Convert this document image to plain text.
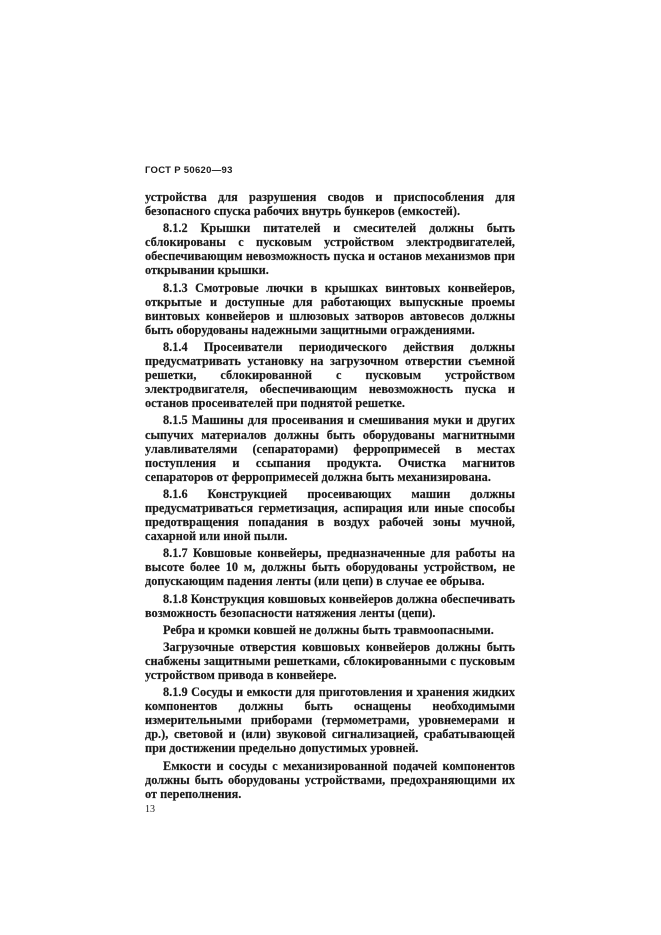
ГОСТ Р 50620—93

устройства для разрушения сводов и приспособления для безопасного спуска рабочих внутрь бункеров (емкостей).

8.1.2 Крышки питателей и смесителей должны быть сблокированы с пусковым устройством электродвигателей, обеспечивающим невозможность пуска и останов механизмов при открывании крышки.

8.1.3 Смотровые лючки в крышках винтовых конвейеров, открытые и доступные для работающих выпускные проемы винтовых конвейеров и шлюзовых затворов автовесов должны быть оборудованы надежными защитными ограждениями.

8.1.4 Просеиватели периодического действия должны предусматривать установку на загрузочном отверстии съемной решетки, сблокированной с пусковым устройством электродвигателя, обеспечивающим невозможность пуска и останов просеивателей при поднятой решетке.

8.1.5 Машины для просеивания и смешивания муки и других сыпучих материалов должны быть оборудованы магнитными улавливателями (сепараторами) ферропримесей в местах поступления и ссыпания продукта. Очистка магнитов сепараторов от ферропримесей должна быть механизирована.

8.1.6 Конструкцией просеивающих машин должны предусматриваться герметизация, аспирация или иные способы предотвращения попадания в воздух рабочей зоны мучной, сахарной или иной пыли.

8.1.7 Ковшовые конвейеры, предназначенные для работы на высоте более 10 м, должны быть оборудованы устройством, не допускающим падения ленты (или цепи) в случае ее обрыва.

8.1.8 Конструкция ковшовых конвейеров должна обеспечивать возможность безопасности натяжения ленты (цепи).

Ребра и кромки ковшей не должны быть травмоопасными.

Загрузочные отверстия ковшовых конвейеров должны быть снабжены защитными решетками, сблокированными с пусковым устройством привода в конвейере.

8.1.9 Сосуды и емкости для приготовления и хранения жидких компонентов должны быть оснащены необходимыми измерительными приборами (термометрами, уровнемерами и др.), световой и (или) звуковой сигнализацией, срабатывающей при достижении предельно допустимых уровней.

Емкости и сосуды с механизированной подачей компонентов должны быть оборудованы устройствами, предохраняющими их от переполнения.

13
